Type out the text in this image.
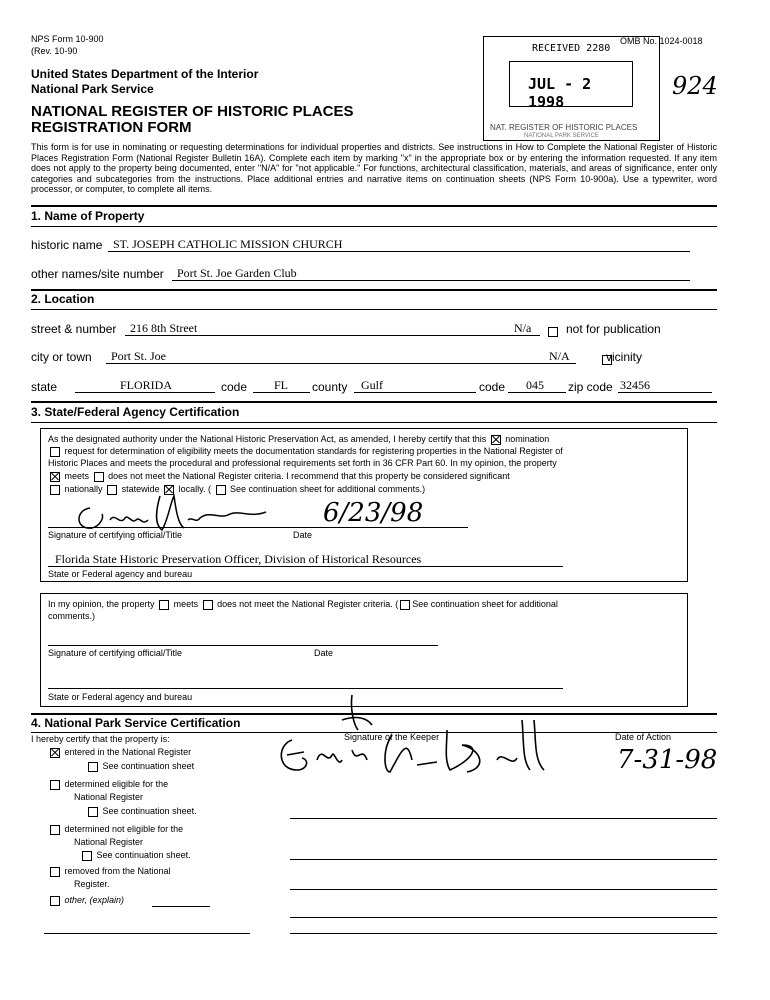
NPS Form 10-900
(Rev. 10-90
United States Department of the Interior
National Park Service
NATIONAL REGISTER OF HISTORIC PLACES
REGISTRATION FORM
OMB No. 1024-0018
RECEIVED 2280
JUL - 2 1998
NAT. REGISTER OF HISTORIC PLACES
NATIONAL PARK SERVICE
924
This form is for use in nominating or requesting determinations for individual properties and districts. See instructions in How to Complete the National Register of Historic Places Registration Form (National Register Bulletin 16A). Complete each item by marking "x" in the appropriate box or by entering the information requested. If any item does not apply to the property being documented, enter "N/A" for "not applicable." For functions, architectural classification, materials, and areas of significance, enter only categories and subcategories from the instructions. Place additional entries and narrative items on continuation sheets (NPS Form 10-900a). Use a typewriter, word processor, or computer, to complete all items.
1. Name of Property
historic name ST. JOSEPH CATHOLIC MISSION CHURCH
other names/site number Port St. Joe Garden Club
2. Location
street & number 216 8th Street	N/a
	not for publication
city or town Port St. Joe	N/A	vicinity
state	FLORIDA	code FL county Gulf	code 045 zip code 32456
3. State/Federal Agency Certification
As the designated authority under the National Historic Preservation Act, as amended, I hereby certify that this nomination
request for determination of eligibility meets the documentation standards for registering properties in the National Register of
Historic Places and meets the procedural and professional requirements set forth in 36 CFR Part 60. In my opinion, the property
meets does not meet the National Register criteria. I recommend that this property be considered significant
nationally statewide locally. ( See continuation sheet for additional comments.)
6/23/98
Signature of certifying official/Title	Date
Florida State Historic Preservation Officer, Division of Historical Resources
State or Federal agency and bureau
In my opinion, the property meets does not meet the National Register criteria. ( See continuation sheet for additional
comments.)
Signature of certifying official/Title	Date
State or Federal agency and bureau
4. National Park Service Certification
I hereby certify that the property is:	Signature of the Keeper	Date of Action
7-31-98
entered in the National Register
See continuation sheet
determined eligible for the
National Register
See continuation sheet.
determined not eligible for the
National Register
See continuation sheet.
removed from the National
Register.
other, (explain)
